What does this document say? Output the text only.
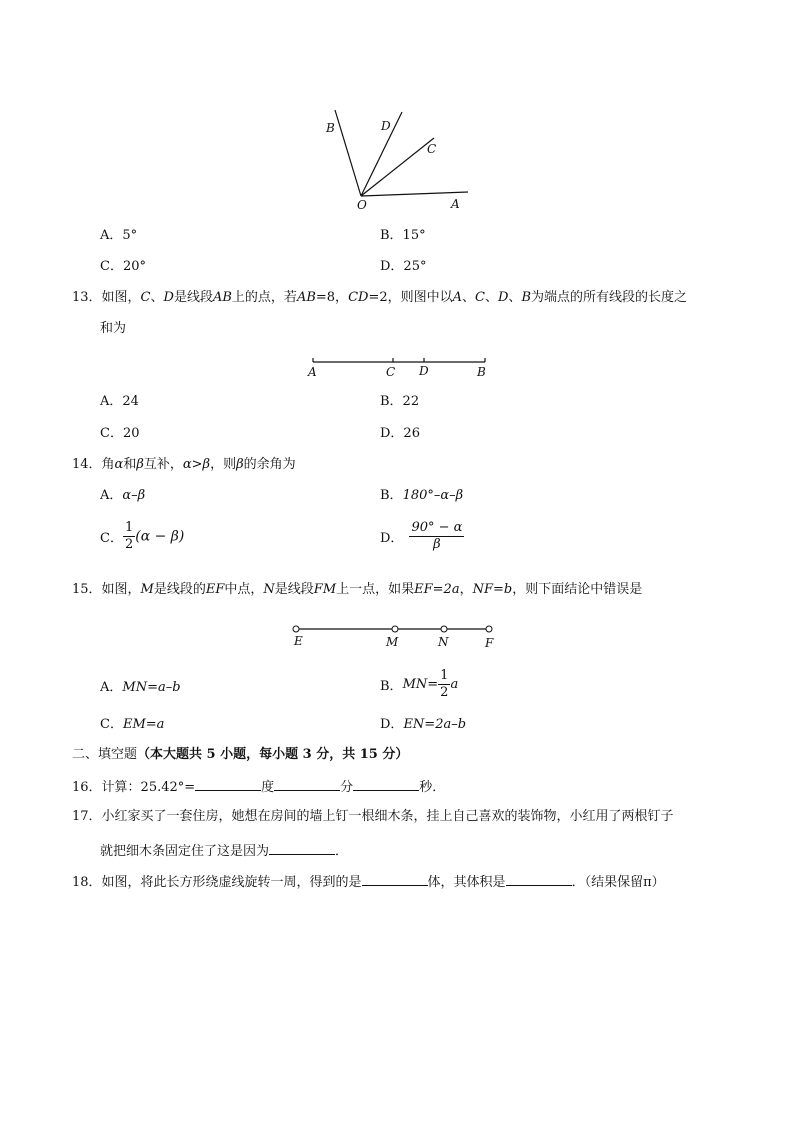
B	D
C
O	A
A．5°	B．15°
C．20°	D．25°
13．如图，C、D是线段AB上的点，若AB=8，CD=2，则图中以A、C、D、B为端点的所有线段的长度之
和为
A	C D	B
A．24	B．22
C．20	D．26
14．角α和β互补，α>β，则β的余角为
A．α–β	B．180°–α–β
C． $\frac{1}{2} (\alpha - \beta)$	D． $\frac{90^\circ - \alpha}{\beta}$
15．如图，M是线段的EF中点，N是线段FM上一点，如果EF=2a，NF=b，则下面结论中错误是
E	M	N	F
A．MN=a–b	B．$MN= \frac{1}{2}$ a
C．EM=a	D．EN=2a–b
二、填空题（本大题共 5 小题，每小题 3 分，共 15 分）
16．计算：25.42°=	度	分	秒．
17．小红家买了一套住房，她想在房间的墙上钉一根细木条，挂上自己喜欢的装饰物，小红用了两根钉子
就把细木条固定住了这是因为	．
18．如图，将此长方形绕虚线旋转一周，得到的是	体，其体积是	．（结果保留π）
